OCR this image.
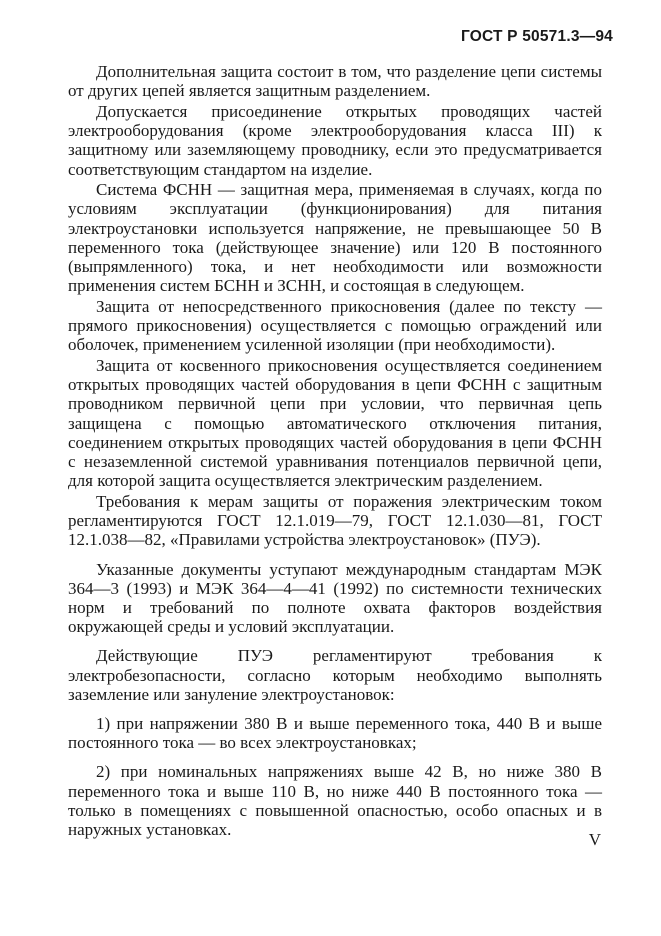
ГОСТ Р 50571.3—94

Дополнительная защита состоит в том, что разделение цепи системы от других цепей является защитным разделением.

Допускается присоединение открытых проводящих частей электрооборудования (кроме электрооборудования класса III) к защитному или заземляющему проводнику, если это предусматривается соответствующим стандартом на изделие.

Система ФСНН — защитная мера, применяемая в случаях, когда по условиям эксплуатации (функционирования) для питания электроустановки используется напряжение, не превышающее 50 В переменного тока (действующее значение) или 120 В постоянного (выпрямленного) тока, и нет необходимости или возможности применения систем БСНН и ЗСНН, и состоящая в следующем.

Защита от непосредственного прикосновения (далее по тексту — прямого прикосновения) осуществляется с помощью ограждений или оболочек, применением усиленной изоляции (при необходимости).

Защита от косвенного прикосновения осуществляется соединением открытых проводящих частей оборудования в цепи ФСНН с защитным проводником первичной цепи при условии, что первичная цепь защищена с помощью автоматического отключения питания, соединением открытых проводящих частей оборудования в цепи ФСНН с незаземленной системой уравнивания потенциалов первичной цепи, для которой защита осуществляется электрическим разделением.

Требования к мерам защиты от поражения электрическим током регламентируются ГОСТ 12.1.019—79, ГОСТ 12.1.030—81, ГОСТ 12.1.038—82, «Правилами устройства электроустановок» (ПУЭ).

Указанные документы уступают международным стандартам МЭК 364—3 (1993) и МЭК 364—4—41 (1992) по системности технических норм и требований по полноте охвата факторов воздействия окружающей среды и условий эксплуатации.

Действующие ПУЭ регламентируют требования к электробезопасности, согласно которым необходимо выполнять заземление или зануление электроустановок:

1) при напряжении 380 В и выше переменного тока, 440 В и выше постоянного тока — во всех электроустановках;

2) при номинальных напряжениях выше 42 В, но ниже 380 В переменного тока и выше 110 В, но ниже 440 В постоянного тока — только в помещениях с повышенной опасностью, особо опасных и в наружных установках.

V
